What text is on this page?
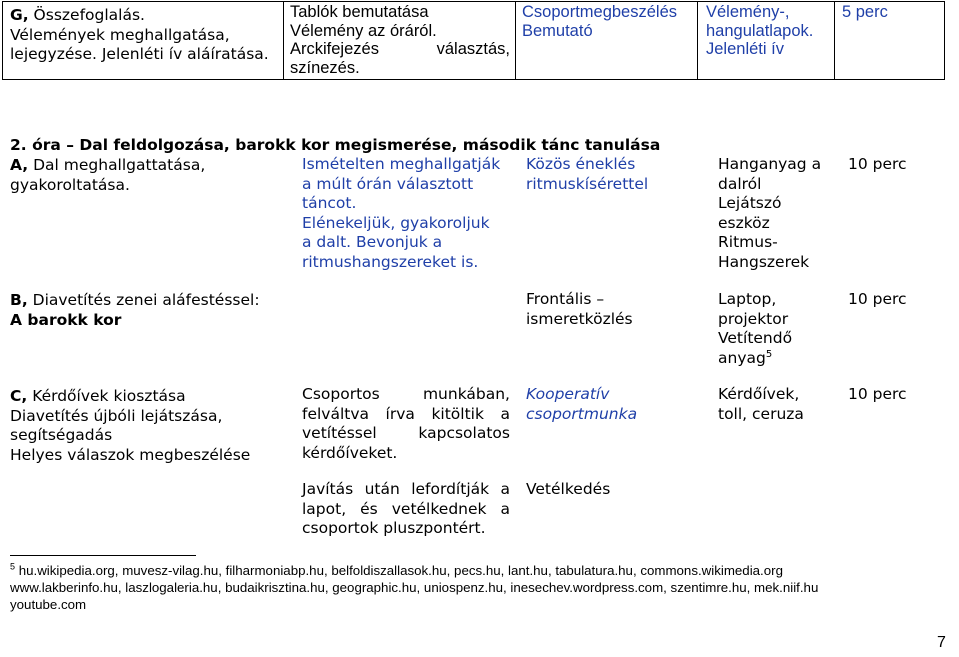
G, Összefoglalás.
Vélemények meghallgatása,
lejegyzése. Jelenléti ív aláíratása.
Tablók bemutatása
Vélemény az óráról.
Arckifejezés választás,
színezés.
Csoportmegbeszélés
Bemutató
Vélemény-,
hangulatlapok.
Jelenléti ív
5 perc
2. óra – Dal feldolgozása, barokk kor megismerése, második tánc tanulása
A, Dal meghallgattatása,
gyakoroltatása.
Ismételten meghallgatják
a múlt órán választott
táncot.
Elénekeljük, gyakoroljuk
a dalt. Bevonjuk a
ritmushangszereket is.
Közös éneklés
ritmuskísérettel
Hanganyag a
dalról
Lejátszó
eszköz
Ritmus-
Hangszerek
10 perc
B, Diavetítés zenei aláfestéssel:
A barokk kor
Frontális –
ismeretközlés
Laptop,
projektor
Vetítendő
anyag$^5$
10 perc
C, Kérdőívek kiosztása
Diavetítés újbóli lejátszása,
segítségadás
Helyes válaszok megbeszélése
Csoportos munkában,
felváltva írva kitöltik a
vetítéssel kapcsolatos
kérdőíveket.
Kooperatív
csoportmunka
Kérdőívek,
toll, ceruza
10 perc
Javítás után lefordítják a
lapot, és vetélkednek a
csoportok pluszpontért.
Vetélkedés
$^5$ hu.wikipedia.org, muvesz-vilag.hu, filharmoniabp.hu, belfoldiszallasok.hu, pecs.hu, lant.hu, tabulatura.hu, commons.wikimedia.org
www.lakberinfo.hu, laszlogaleria.hu, budaikrisztina.hu, geographic.hu, uniospenz.hu, inesechev.wordpress.com, szentimre.hu, mek.niif.hu
youtube.com
7
